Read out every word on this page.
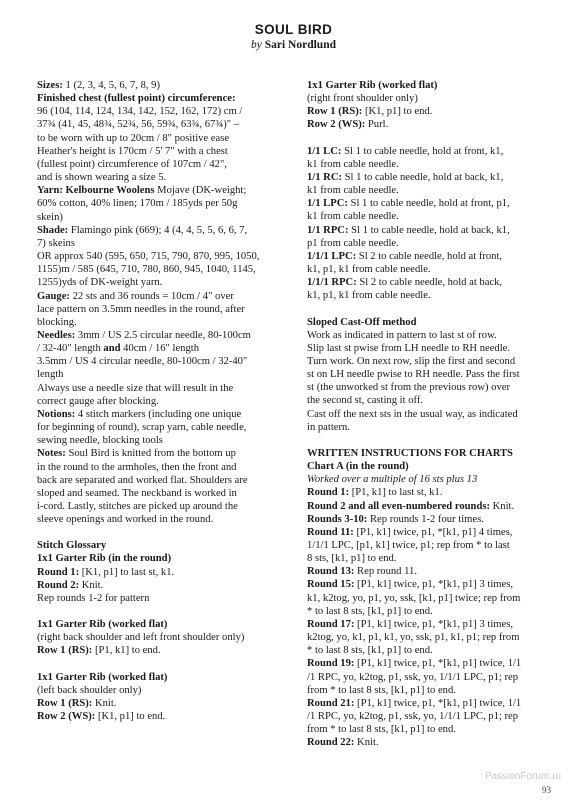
SOUL BIRD
by Sari Nordlund

Sizes: 1 (2, 3, 4, 5, 6, 7, 8, 9)

Finished chest (fullest point) circumference:

96 (104, 114, 124, 134, 142, 152, 162, 172) cm /

37¾ (41, 45, 48¾, 52¾, 56, 59¾, 63¾, 67¾)" –

to be worn with up to 20cm / 8" positive ease

Heather's height is 170cm / 5' 7" with a chest

(fullest point) circumference of 107cm / 42",

and is shown wearing a size 5.

Yarn: Kelbourne Woolens Mojave (DK-weight;

60% cotton, 40% linen; 170m / 185yds per 50g

skein)

Shade: Flamingo pink (669); 4 (4, 4, 5, 5, 6, 6, 7,

7) skeins

OR approx 540 (595, 650, 715, 790, 870, 995, 1050,

1155)m / 585 (645, 710, 780, 860, 945, 1040, 1145,

1255)yds of DK-weight yarn.

Gauge: 22 sts and 36 rounds = 10cm / 4" over

lace pattern on 3.5mm needles in the round, after

blocking.

Needles: 3mm / US 2.5 circular needle, 80-100cm

/ 32-40" length and 40cm / 16" length

3.5mm / US 4 circular needle, 80-100cm / 32-40"

length

Always use a needle size that will result in the

correct gauge after blocking.

Notions: 4 stitch markers (including one unique

for beginning of round), scrap yarn, cable needle,

sewing needle, blocking tools

Notes: Soul Bird is knitted from the bottom up

in the round to the armholes, then the front and

back are separated and worked flat. Shoulders are

sloped and seamed. The neckband is worked in

i-cord. Lastly, stitches are picked up around the

sleeve openings and worked in the round.

Stitch Glossary

1x1 Garter Rib (in the round)

Round 1: [K1, p1] to last st, k1.

Round 2: Knit.

Rep rounds 1-2 for pattern

1x1 Garter Rib (worked flat)

(right back shoulder and left front shoulder only)

Row 1 (RS): [P1, k1] to end.

1x1 Garter Rib (worked flat)

(left back shoulder only)

Row 1 (RS): Knit.

Row 2 (WS): [K1, p1] to end.

1x1 Garter Rib (worked flat)

(right front shoulder only)

Row 1 (RS): [K1, p1] to end.

Row 2 (WS): Purl.

1/1 LC: Sl 1 to cable needle, hold at front, k1,

k1 from cable needle.

1/1 RC: Sl 1 to cable needle, hold at back, k1,

k1 from cable needle.

1/1 LPC: Sl 1 to cable needle, hold at front, p1,

k1 from cable needle.

1/1 RPC: Sl 1 to cable needle, hold at back, k1,

p1 from cable needle.

1/1/1 LPC: Sl 2 to cable needle, hold at front,

k1, p1, k1 from cable needle.

1/1/1 RPC: Sl 2 to cable needle, hold at back,

k1, p1, k1 from cable needle.

Sloped Cast-Off method

Work as indicated in pattern to last st of row.

Slip last st pwise from LH needle to RH needle.

Turn work. On next row, slip the first and second

st on LH needle pwise to RH needle. Pass the first

st (the unworked st from the previous row) over

the second st, casting it off.

Cast off the next sts in the usual way, as indicated

in pattern.

WRITTEN INSTRUCTIONS FOR CHARTS

Chart A (in the round)

Worked over a multiple of 16 sts plus 13

Round 1: [P1, k1] to last st, k1.

Round 2 and all even-numbered rounds: Knit.

Rounds 3-10: Rep rounds 1-2 four times.

Round 11: [P1, k1] twice, p1, *[k1, p1] 4 times,

1/1/1 LPC, [p1, k1] twice, p1; rep from * to last

8 sts, [k1, p1] to end.

Round 13: Rep round 11.

Round 15: [P1, k1] twice, p1, *[k1, p1] 3 times,

k1, k2tog, yo, p1, yo, ssk, [k1, p1] twice; rep from

* to last 8 sts, [k1, p1] to end.

Round 17: [P1, k1] twice, p1, *[k1, p1] 3 times,

k2tog, yo, k1, p1, k1, yo, ssk, p1, k1, p1; rep from

* to last 8 sts, [k1, p1] to end.

Round 19: [P1, k1] twice, p1, *[k1, p1] twice, 1/1

/1 RPC, yo, k2tog, p1, ssk, yo, 1/1/1 LPC, p1; rep

from * to last 8 sts, [k1, p1] to end.

Round 21: [P1, k1] twice, p1, *[k1, p1] twice, 1/1

/1 RPC, yo, k2tog, p1, ssk, yo, 1/1/1 LPC, p1; rep

from * to last 8 sts, [k1, p1] to end.

Round 22: Knit.

PassionForum.ru
93
